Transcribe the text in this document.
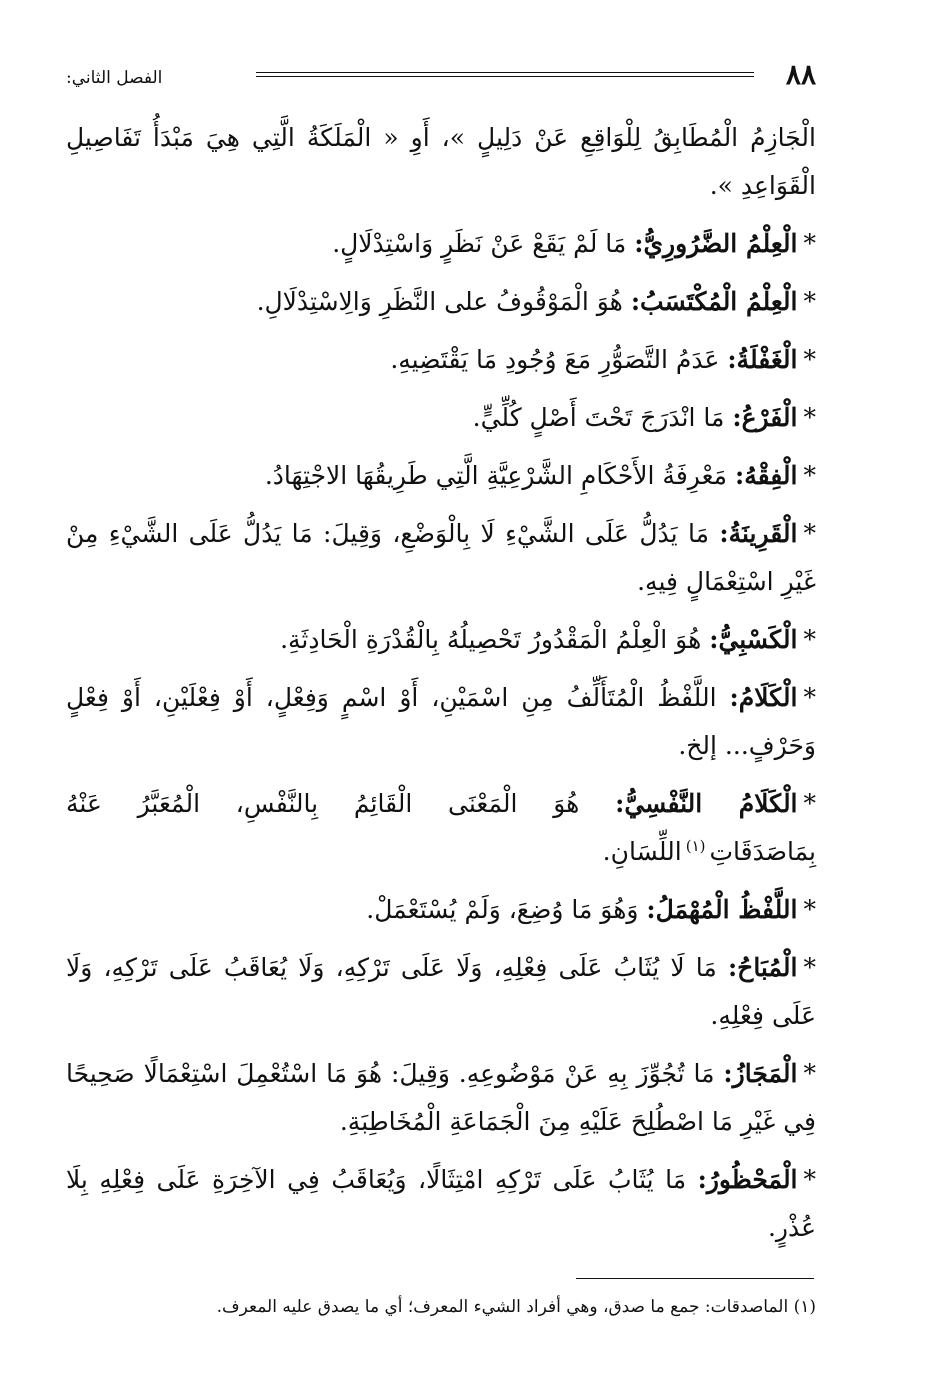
الفصل الثاني:	٨٨

الْجَازِمُ الْمُطَابِقُ لِلْوَاقِعِ عَنْ دَلِيلٍ »، أَوِ « الْمَلَكَةُ الَّتِي هِيَ مَبْدَأُ تَفَاصِيلِ الْقَوَاعِدِ ».

*الْعِلْمُ الضَّرُورِيُّ: مَا لَمْ يَقَعْ عَنْ نَظَرٍ وَاسْتِدْلَالٍ.

*الْعِلْمُ الْمُكْتَسَبُ: هُوَ الْمَوْقُوفُ على النَّظَرِ وَالِاسْتِدْلَالِ.

*الْغَفْلَةُ: عَدَمُ التَّصَوُّرِ مَعَ وُجُودِ مَا يَقْتَضِيهِ.

*الْفَرْعُ: مَا انْدَرَجَ تَحْتَ أَصْلٍ كُلِّيٍّ.

*الْفِقْهُ: مَعْرِفَةُ الأَحْكَامِ الشَّرْعِيَّةِ الَّتِي طَرِيقُهَا الاجْتِهَادُ.

*الْقَرِينَةُ: مَا يَدُلُّ عَلَى الشَّيْءِ لَا بِالْوَضْعِ، وَقِيلَ: مَا يَدُلُّ عَلَى الشَّيْءِ مِنْ غَيْرِ اسْتِعْمَالٍ فِيهِ.

*الْكَسْبِيُّ: هُوَ الْعِلْمُ الْمَقْدُورُ تَحْصِيلُهُ بِالْقُدْرَةِ الْحَادِثَةِ.

*الْكَلَامُ: اللَّفْظُ الْمُتَأَلِّفُ مِنِ اسْمَيْنِ، أَوْ اسْمٍ وَفِعْلٍ، أَوْ فِعْلَيْنِ، أَوْ فِعْلٍ وَحَرْفٍ... إلخ.

*الْكَلَامُ النَّفْسِيُّ: هُوَ الْمَعْنَى الْقَائِمُ بِالنَّفْسِ، الْمُعَبَّرُ عَنْهُ بِمَاصَدَقَاتِ$^{(١)}$اللِّسَانِ.

*اللَّفْظُ الْمُهْمَلُ: وَهُوَ مَا وُضِعَ، وَلَمْ يُسْتَعْمَلْ.

*الْمُبَاحُ: مَا لَا يُثَابُ عَلَى فِعْلِهِ، وَلَا عَلَى تَرْكِهِ، وَلَا يُعَاقَبُ عَلَى تَرْكِهِ، وَلَا عَلَى فِعْلِهِ.

*الْمَجَازُ: مَا تُجُوِّزَ بِهِ عَنْ مَوْضُوعِهِ. وَقِيلَ: هُوَ مَا اسْتُعْمِلَ اسْتِعْمَالًا صَحِيحًا فِي غَيْرِ مَا اصْطُلِحَ عَلَيْهِ مِنَ الْجَمَاعَةِ الْمُخَاطِبَةِ.

*الْمَحْظُورُ: مَا يُثَابُ عَلَى تَرْكِهِ امْتِثَالًا، وَيُعَاقَبُ فِي الآخِرَةِ عَلَى فِعْلِهِ بِلَا عُذْرٍ.

(١) الماصدقات: جمع ما صدق، وهي أفراد الشيء المعرف؛ أي ما يصدق عليه المعرف.
